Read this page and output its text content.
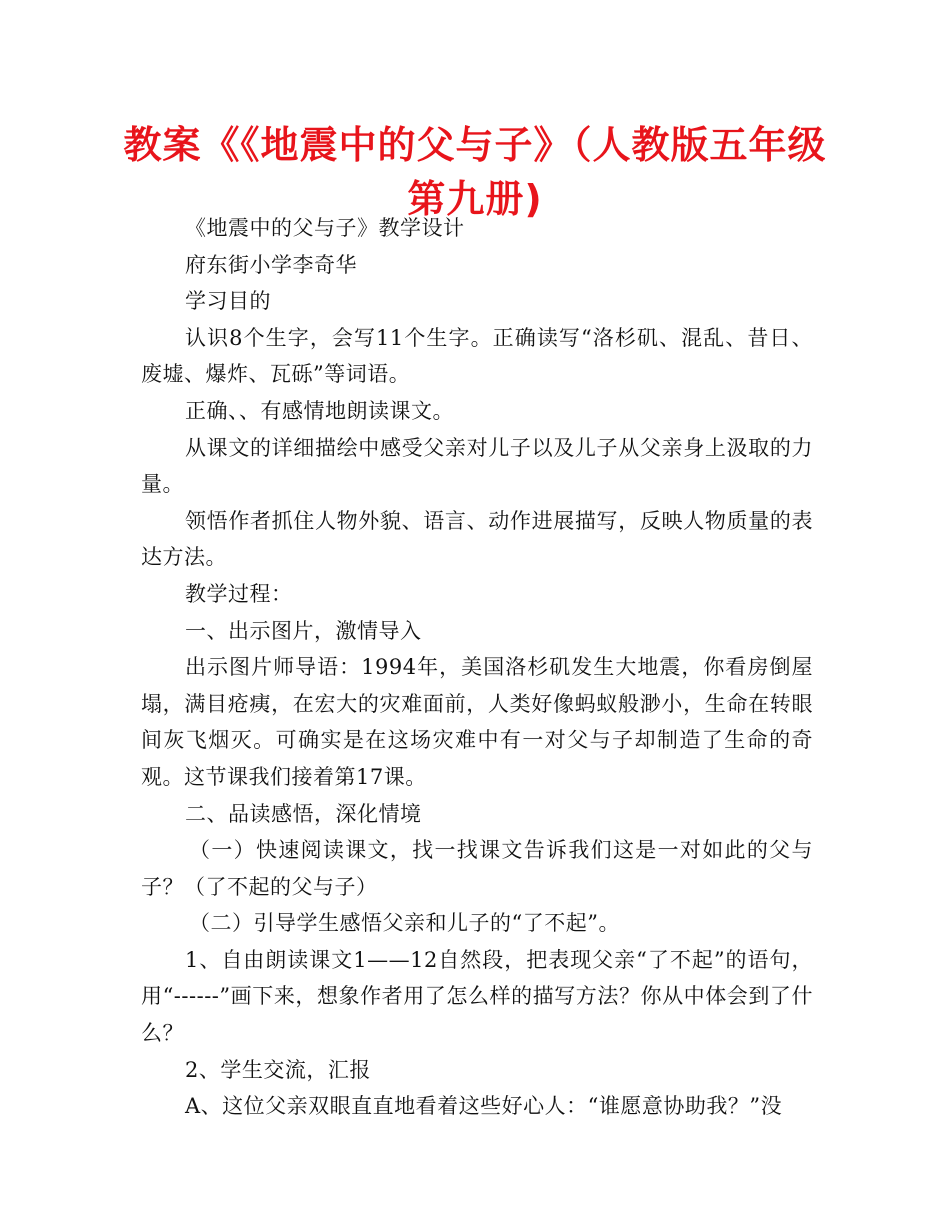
教案《《地震中的父与子》（人教版五年级
第九册)

《地震中的父与子》教学设计

府东街小学李奇华

学习目的

认识8个生字，会写11个生字。正确读写“洛杉矶、混乱、昔日、废墟、爆炸、瓦砾”等词语。

正确、、有感情地朗读课文。

从课文的详细描绘中感受父亲对儿子以及儿子从父亲身上汲取的力量。

领悟作者抓住人物外貌、语言、动作进展描写，反映人物质量的表达方法。

教学过程：

一、出示图片，激情导入

出示图片师导语：1994年，美国洛杉矶发生大地震，你看房倒屋塌，满目疮痍，在宏大的灾难面前，人类好像蚂蚁般渺小，生命在转眼间灰飞烟灭。可确实是在这场灾难中有一对父与子却制造了生命的奇观。这节课我们接着第17课。

二、品读感悟，深化情境

（一）快速阅读课文，找一找课文告诉我们这是一对如此的父与子？（了不起的父与子）

（二）引导学生感悟父亲和儿子的“了不起”。

1、自由朗读课文1——12自然段，把表现父亲“了不起”的语句，用“------”画下来，想象作者用了怎么样的描写方法？你从中体会到了什么？

2、学生交流，汇报

A、这位父亲双眼直直地看着这些好心人：“谁愿意协助我？”没
